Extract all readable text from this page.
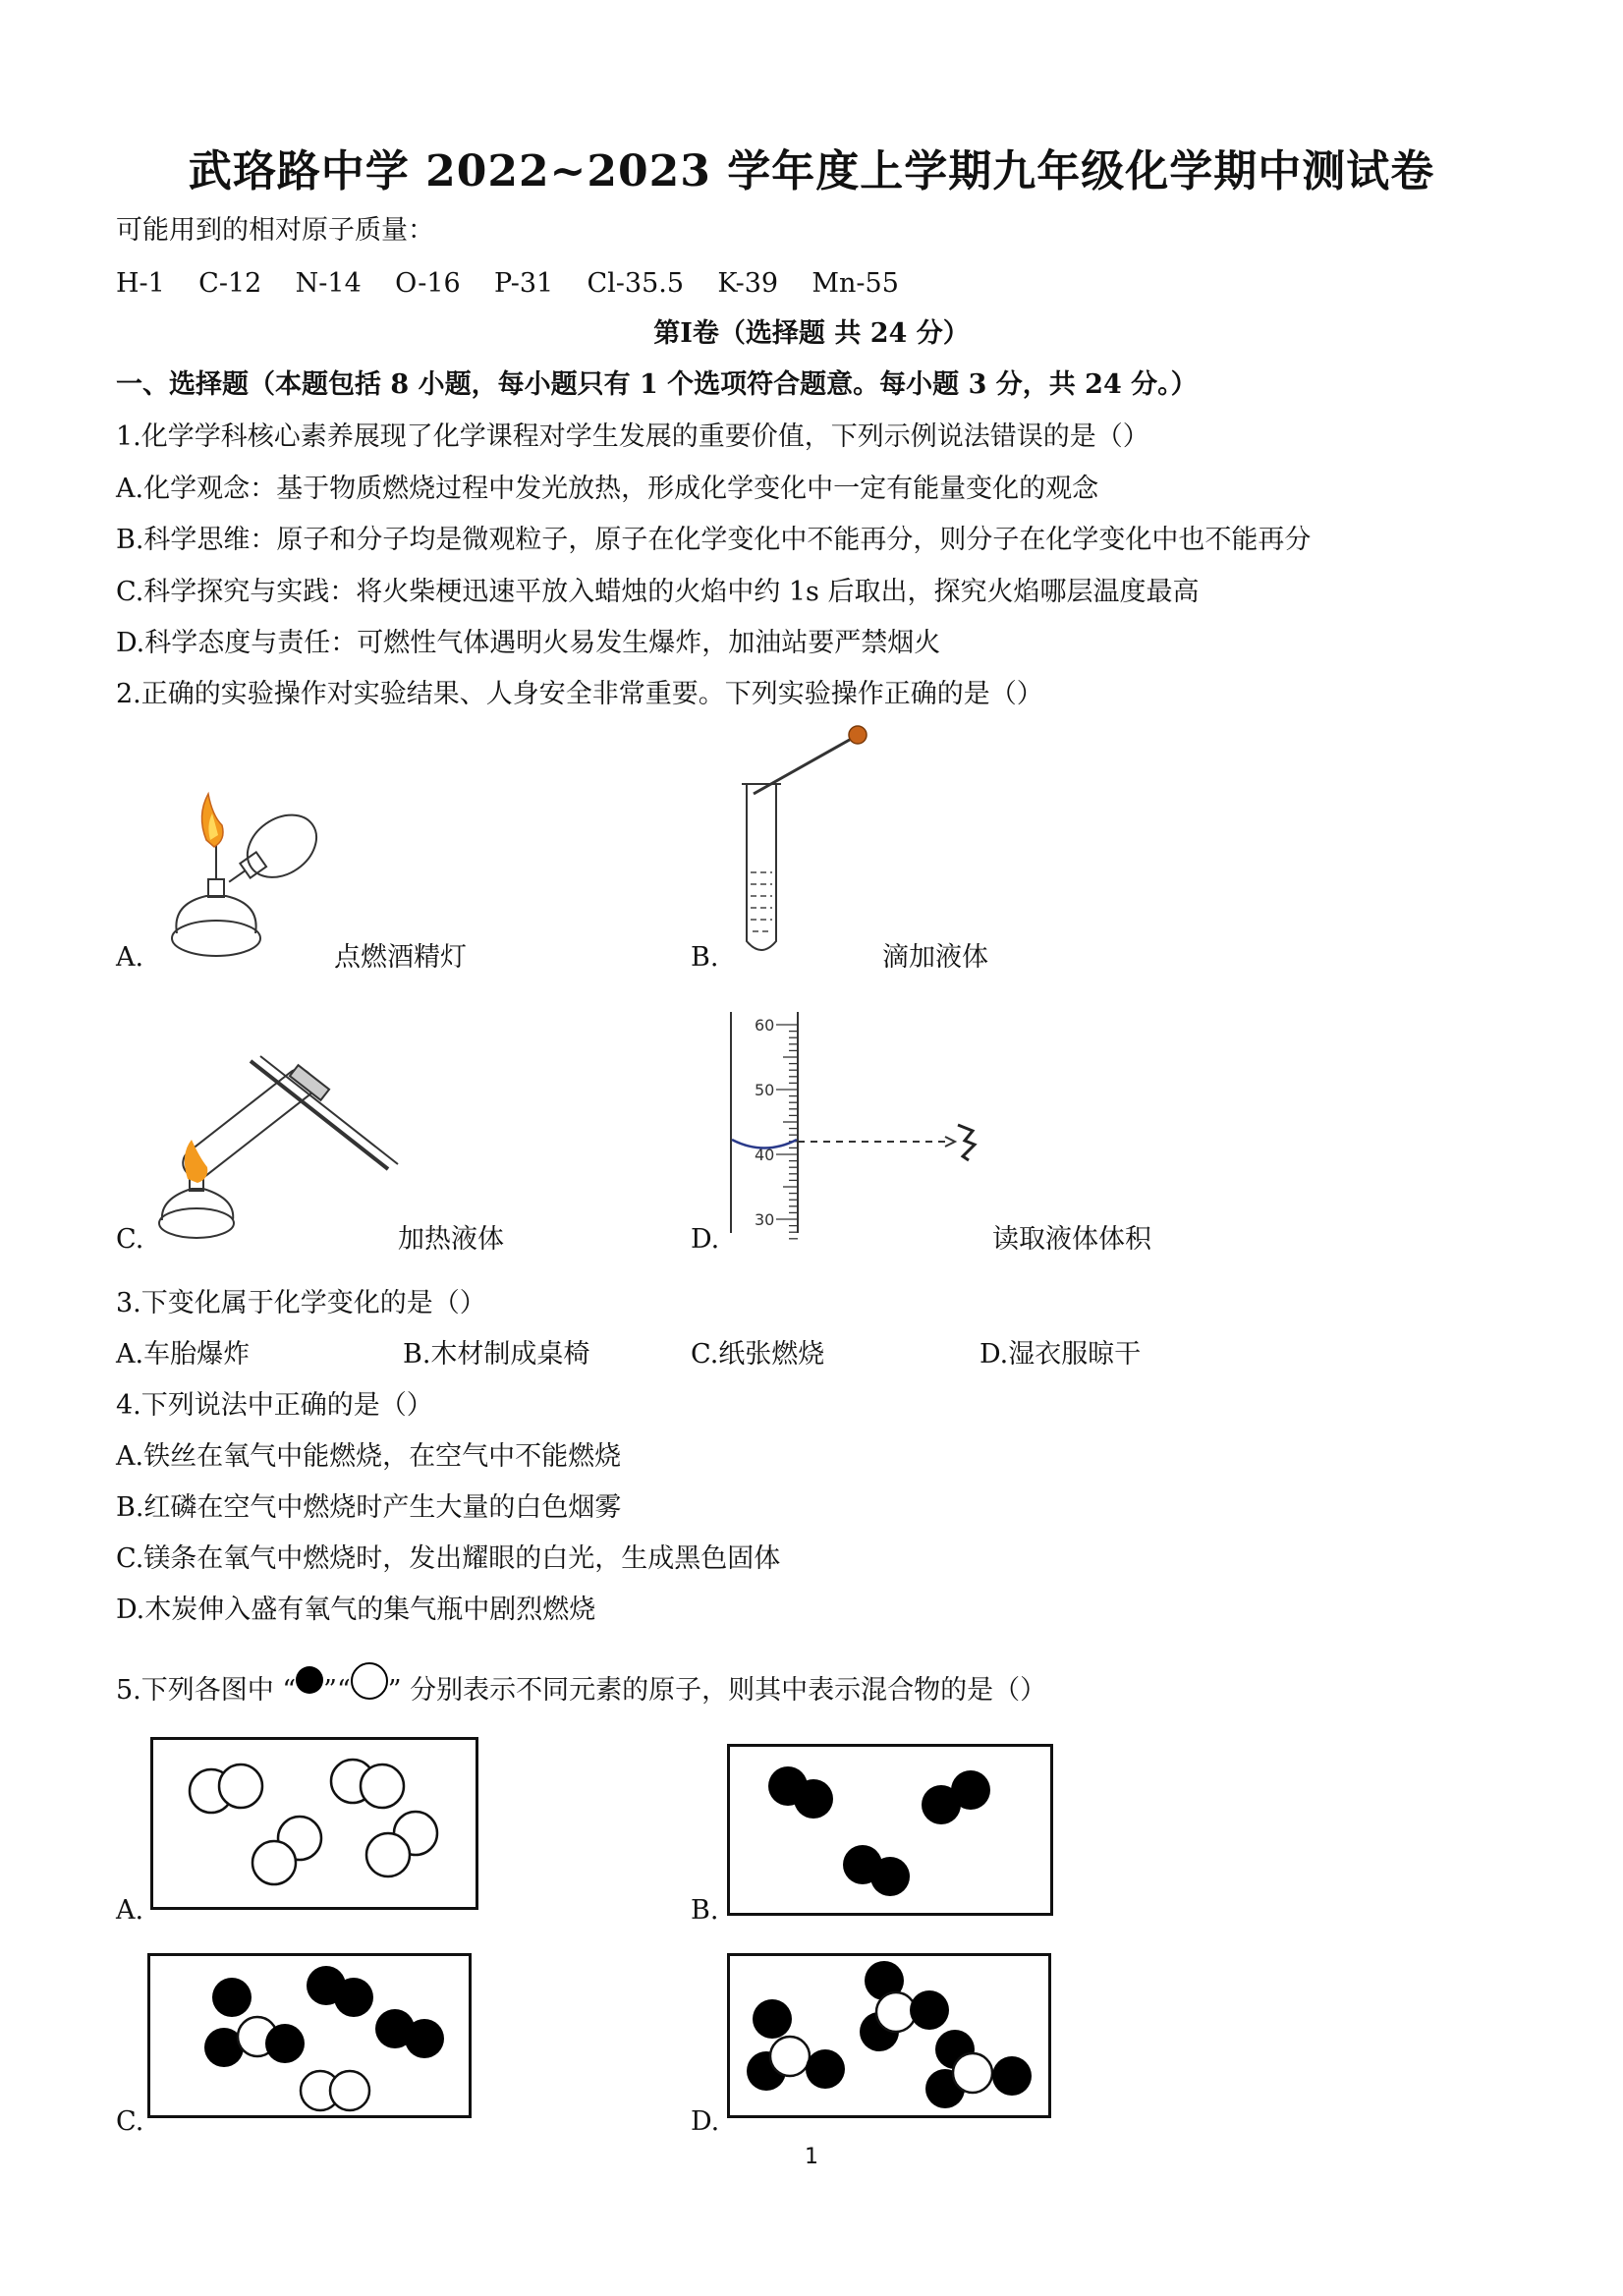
武珞路中学 2022~2023 学年度上学期九年级化学期中测试卷
可能用到的相对原子质量：
H-1    C-12    N-14    O-16    P-31    Cl-35.5    K-39    Mn-55
第Ⅰ卷（选择题 共 24 分）
一、选择题（本题包括 8 小题，每小题只有 1 个选项符合题意。每小题 3 分，共 24 分。）
1.化学学科核心素养展现了化学课程对学生发展的重要价值，下列示例说法错误的是（）
A.化学观念：基于物质燃烧过程中发光放热，形成化学变化中一定有能量变化的观念
B.科学思维：原子和分子均是微观粒子，原子在化学变化中不能再分，则分子在化学变化中也不能再分
C.科学探究与实践：将火柴梗迅速平放入蜡烛的火焰中约 1s 后取出，探究火焰哪层温度最高
D.科学态度与责任：可燃性气体遇明火易发生爆炸，加油站要严禁烟火
2.正确的实验操作对实验结果、人身安全非常重要。下列实验操作正确的是（）
A.	点燃酒精灯	B.	滴加液体
C.	加热液体
60
50
40
30
D.	读取液体体积
3.下变化属于化学变化的是（）
A.车胎爆炸	B.木材制成桌椅	C.纸张燃烧	D.湿衣服晾干
4.下列说法中正确的是（）
A.铁丝在氧气中能燃烧，在空气中不能燃烧
B.红磷在空气中燃烧时产生大量的白色烟雾
C.镁条在氧气中燃烧时，发出耀眼的白光，生成黑色固体
D.木炭伸入盛有氧气的集气瓶中剧烈燃烧
5.下列各图中 “ ”“ ” 分别表示不同元素的原子，则其中表示混合物的是（）
A.	B.
C.	D.
1
